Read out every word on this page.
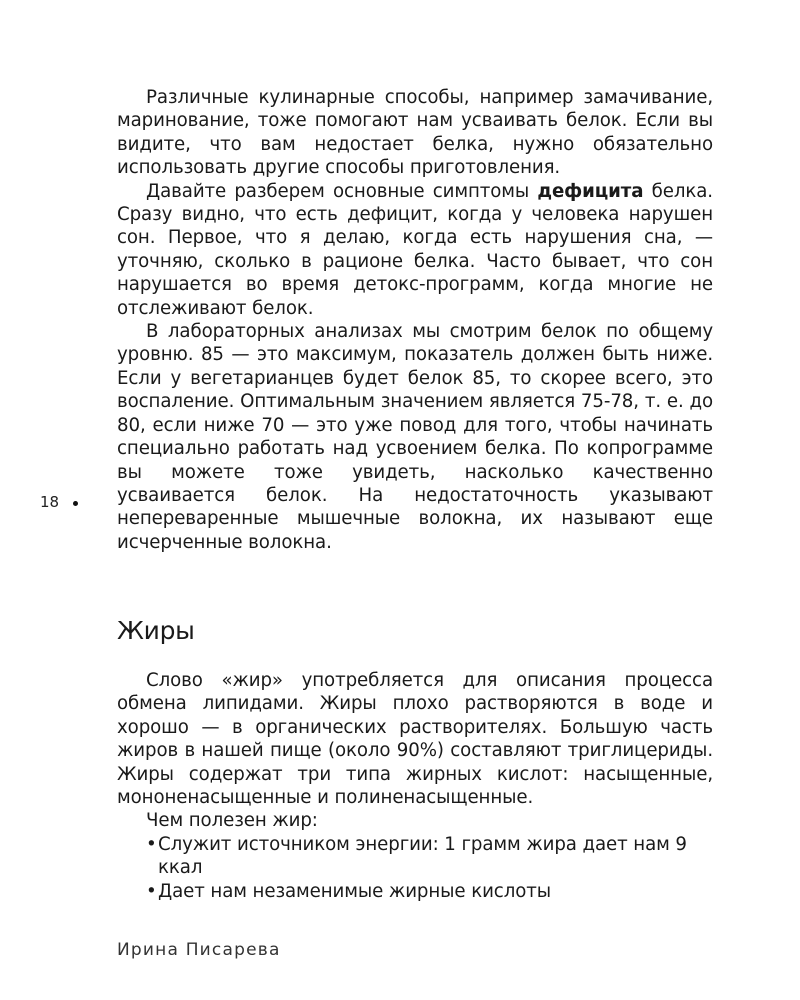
Различные кулинарные способы, например замачивание, маринование, тоже помогают нам усваивать белок. Если вы видите, что вам недостает белка, нужно обязательно использовать другие способы приготовления.

Давайте разберем основные симптомы дефицита белка. Сразу видно, что есть дефицит, когда у человека нарушен сон. Первое, что я делаю, когда есть нарушения сна, — уточняю, сколько в рационе белка. Часто бывает, что сон нарушается во время детокс-программ, когда многие не отслеживают белок.

В лабораторных анализах мы смотрим белок по общему уровню. 85 — это максимум, показатель должен быть ниже. Если у вегетарианцев будет белок 85, то скорее всего, это воспаление. Оптимальным значением является 75-78, т. е. до 80, если ниже 70 — это уже повод для того, чтобы начинать специально работать над усвоением белка. По копрограмме вы можете тоже увидеть, насколько качественно усваивается белок. На недостаточность указывают непереваренные мышечные волокна, их называют еще исчерченные волокна.

Жиры

Слово «жир» употребляется для описания процесса обмена липидами. Жиры плохо растворяются в воде и хорошо — в органических растворителях. Большую часть жиров в нашей пище (около 90%) составляют триглицериды. Жиры содержат три типа жирных кислот: насыщенные, мононенасыщенные и полиненасыщенные.

Чем полезен жир:

• Служит источником энергии: 1 грамм жира дает нам 9 ккал
• Дает нам незаменимые жирные кислоты
18
Ирина Писарева
